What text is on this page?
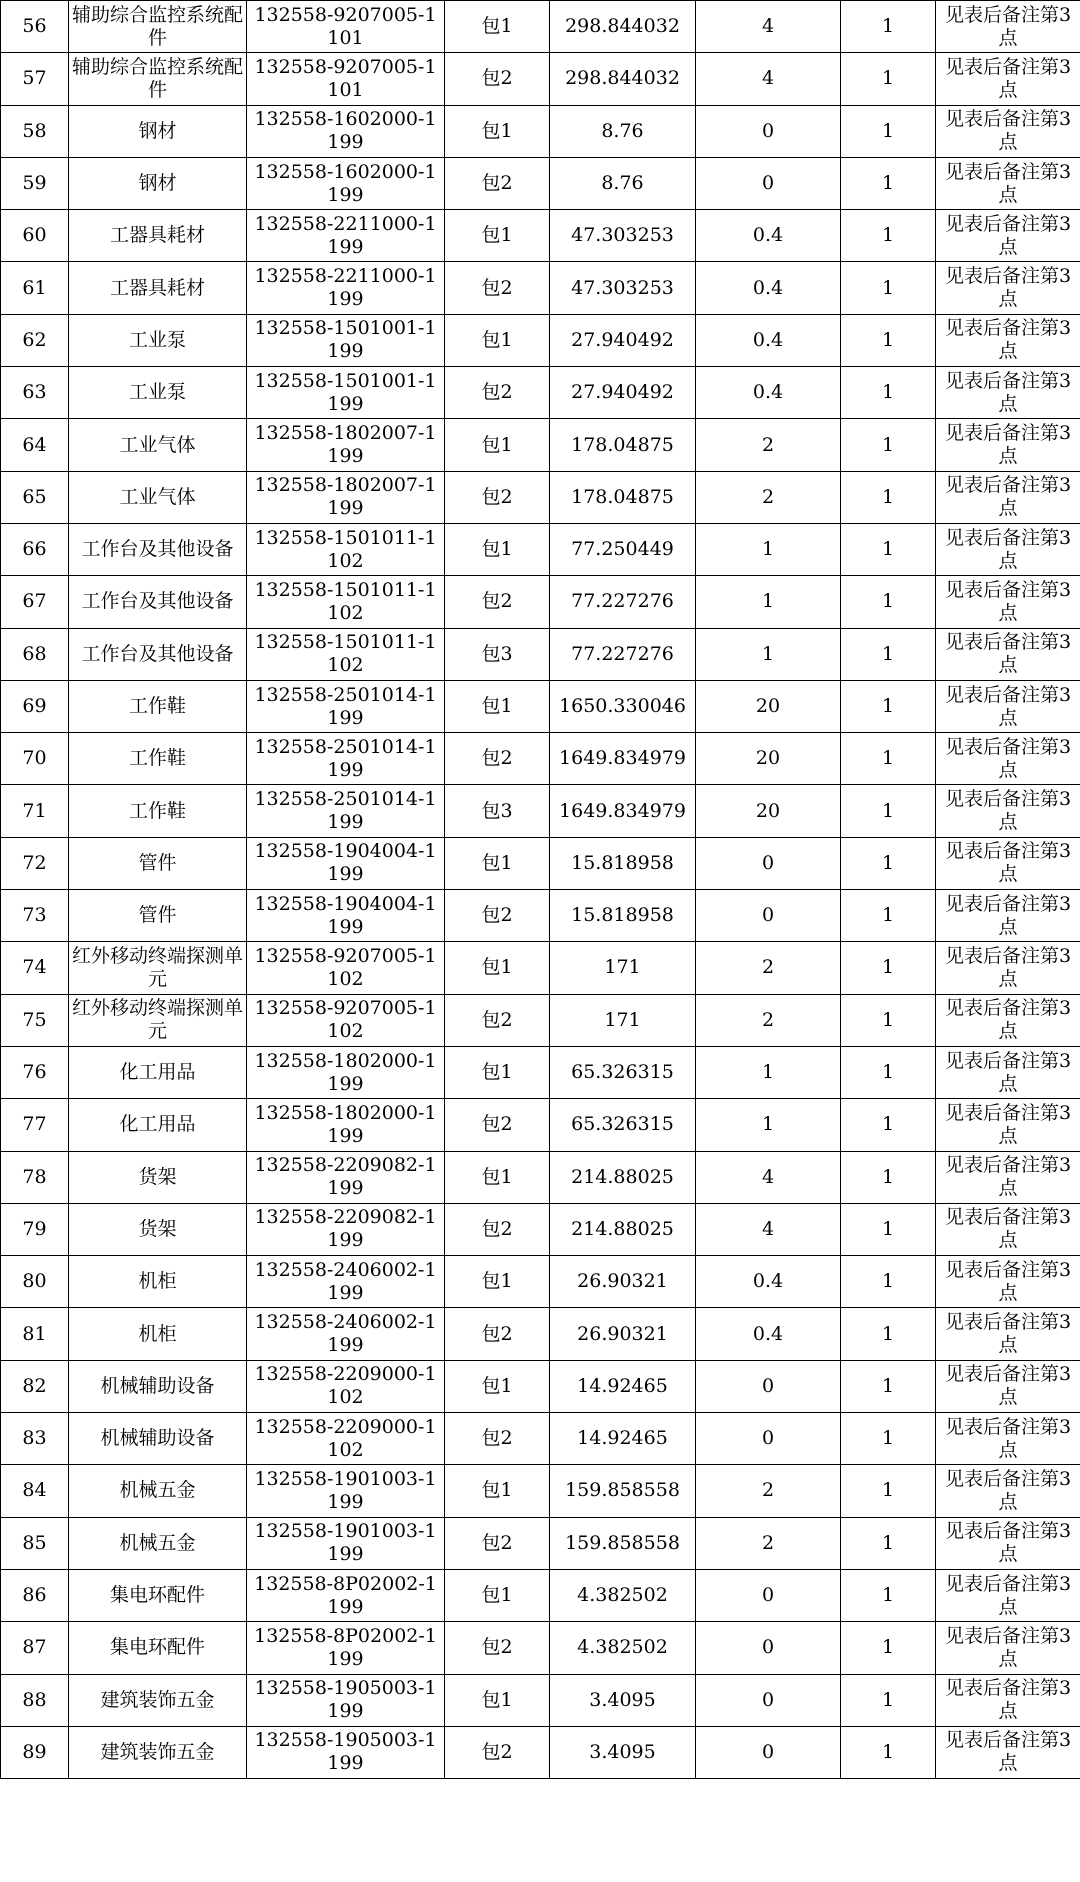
56	辅助综合监控系统配件	132558-9207005-1101	包1	298.844032	4	1	见表后备注第3点
57	辅助综合监控系统配件	132558-9207005-1101	包2	298.844032	4	1	见表后备注第3点
58	钢材	132558-1602000-1199	包1	8.76	0	1	见表后备注第3点
59	钢材	132558-1602000-1199	包2	8.76	0	1	见表后备注第3点
60	工器具耗材	132558-2211000-1199	包1	47.303253	0.4	1	见表后备注第3点
61	工器具耗材	132558-2211000-1199	包2	47.303253	0.4	1	见表后备注第3点
62	工业泵	132558-1501001-1199	包1	27.940492	0.4	1	见表后备注第3点
63	工业泵	132558-1501001-1199	包2	27.940492	0.4	1	见表后备注第3点
64	工业气体	132558-1802007-1199	包1	178.04875	2	1	见表后备注第3点
65	工业气体	132558-1802007-1199	包2	178.04875	2	1	见表后备注第3点
66	工作台及其他设备	132558-1501011-1102	包1	77.250449	1	1	见表后备注第3点
67	工作台及其他设备	132558-1501011-1102	包2	77.227276	1	1	见表后备注第3点
68	工作台及其他设备	132558-1501011-1102	包3	77.227276	1	1	见表后备注第3点
69	工作鞋	132558-2501014-1199	包1	1650.330046	20	1	见表后备注第3点
70	工作鞋	132558-2501014-1199	包2	1649.834979	20	1	见表后备注第3点
71	工作鞋	132558-2501014-1199	包3	1649.834979	20	1	见表后备注第3点
72	管件	132558-1904004-1199	包1	15.818958	0	1	见表后备注第3点
73	管件	132558-1904004-1199	包2	15.818958	0	1	见表后备注第3点
74	红外移动终端探测单元	132558-9207005-1102	包1	171	2	1	见表后备注第3点
75	红外移动终端探测单元	132558-9207005-1102	包2	171	2	1	见表后备注第3点
76	化工用品	132558-1802000-1199	包1	65.326315	1	1	见表后备注第3点
77	化工用品	132558-1802000-1199	包2	65.326315	1	1	见表后备注第3点
78	货架	132558-2209082-1199	包1	214.88025	4	1	见表后备注第3点
79	货架	132558-2209082-1199	包2	214.88025	4	1	见表后备注第3点
80	机柜	132558-2406002-1199	包1	26.90321	0.4	1	见表后备注第3点
81	机柜	132558-2406002-1199	包2	26.90321	0.4	1	见表后备注第3点
82	机械辅助设备	132558-2209000-1102	包1	14.92465	0	1	见表后备注第3点
83	机械辅助设备	132558-2209000-1102	包2	14.92465	0	1	见表后备注第3点
84	机械五金	132558-1901003-1199	包1	159.858558	2	1	见表后备注第3点
85	机械五金	132558-1901003-1199	包2	159.858558	2	1	见表后备注第3点
86	集电环配件	132558-8P02002-1199	包1	4.382502	0	1	见表后备注第3点
87	集电环配件	132558-8P02002-1199	包2	4.382502	0	1	见表后备注第3点
88	建筑装饰五金	132558-1905003-1199	包1	3.4095	0	1	见表后备注第3点
89	建筑装饰五金	132558-1905003-1199	包2	3.4095	0	1	见表后备注第3点
